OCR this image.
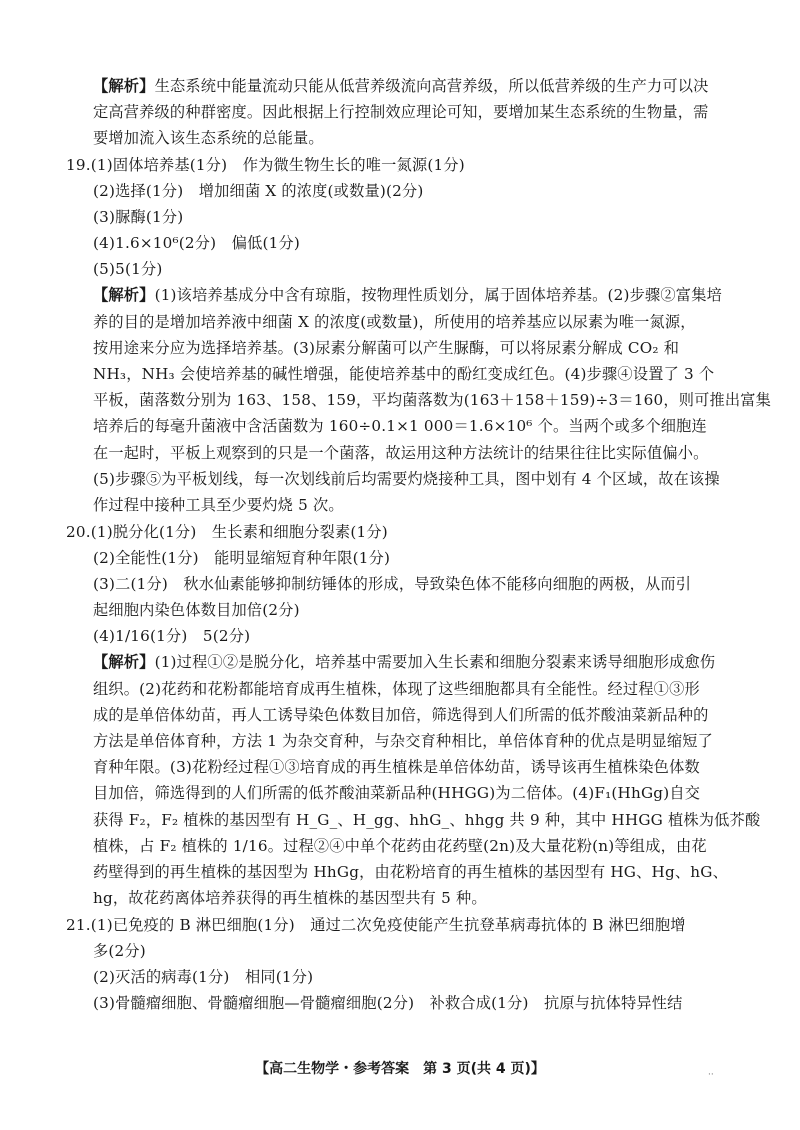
【解析】生态系统中能量流动只能从低营养级流向高营养级，所以低营养级的生产力可以决
定高营养级的种群密度。因此根据上行控制效应理论可知，要增加某生态系统的生物量，需
要增加流入该生态系统的总能量。
19.(1)固体培养基(1分)　作为微生物生长的唯一氮源(1分)
(2)选择(1分)　增加细菌 X 的浓度(或数量)(2分)
(3)脲酶(1分)
(4)1.6×10⁶(2分)　偏低(1分)
(5)5(1分)
【解析】(1)该培养基成分中含有琼脂，按物理性质划分，属于固体培养基。(2)步骤②富集培
养的目的是增加培养液中细菌 X 的浓度(或数量)，所使用的培养基应以尿素为唯一氮源，
按用途来分应为选择培养基。(3)尿素分解菌可以产生脲酶，可以将尿素分解成 CO₂ 和
NH₃，NH₃ 会使培养基的碱性增强，能使培养基中的酚红变成红色。(4)步骤④设置了 3 个
平板，菌落数分别为 163、158、159，平均菌落数为(163＋158＋159)÷3＝160，则可推出富集
培养后的每毫升菌液中含活菌数为 160÷0.1×1 000＝1.6×10⁶ 个。当两个或多个细胞连
在一起时，平板上观察到的只是一个菌落，故运用这种方法统计的结果往往比实际值偏小。
(5)步骤⑤为平板划线，每一次划线前后均需要灼烧接种工具，图中划有 4 个区域，故在该操
作过程中接种工具至少要灼烧 5 次。
20.(1)脱分化(1分)　生长素和细胞分裂素(1分)
(2)全能性(1分)　能明显缩短育种年限(1分)
(3)二(1分)　秋水仙素能够抑制纺锤体的形成，导致染色体不能移向细胞的两极，从而引
起细胞内染色体数目加倍(2分)
(4)1/16(1分)　5(2分)
【解析】(1)过程①②是脱分化，培养基中需要加入生长素和细胞分裂素来诱导细胞形成愈伤
组织。(2)花药和花粉都能培育成再生植株，体现了这些细胞都具有全能性。经过程①③形
成的是单倍体幼苗，再人工诱导染色体数目加倍，筛选得到人们所需的低芥酸油菜新品种的
方法是单倍体育种，方法 1 为杂交育种，与杂交育种相比，单倍体育种的优点是明显缩短了
育种年限。(3)花粉经过程①③培育成的再生植株是单倍体幼苗，诱导该再生植株染色体数
目加倍，筛选得到的人们所需的低芥酸油菜新品种(HHGG)为二倍体。(4)F₁(HhGg)自交
获得 F₂，F₂ 植株的基因型有 H_G_、H_gg、hhG_、hhgg 共 9 种，其中 HHGG 植株为低芥酸
植株，占 F₂ 植株的 1/16。过程②④中单个花药由花药壁(2n)及大量花粉(n)等组成，由花
药壁得到的再生植株的基因型为 HhGg，由花粉培育的再生植株的基因型有 HG、Hg、hG、
hg，故花药离体培养获得的再生植株的基因型共有 5 种。
21.(1)已免疫的 B 淋巴细胞(1分)　通过二次免疫使能产生抗登革病毒抗体的 B 淋巴细胞增
多(2分)
(2)灭活的病毒(1分)　相同(1分)
(3)骨髓瘤细胞、骨髓瘤细胞—骨髓瘤细胞(2分)　补救合成(1分)　抗原与抗体特异性结
【高二生物学・参考答案　第 3 页(共 4 页)】	··
